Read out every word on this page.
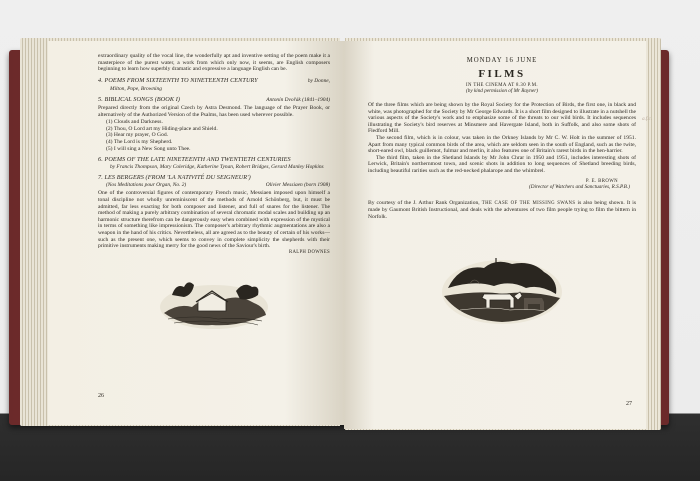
extraordinary quality of the vocal line, the wonderfully apt and inventive setting of the poem make it a masterpiece of the purest water, a work from which only now, it seems, are English composers beginning to learn how superbly dramatic and expressive a language English can be.

4. POEMS FROM SIXTEENTH TO NINETEENTH CENTURY	by Donne,

Milton, Pope, Browning

5. BIBLICAL SONGS (BOOK I)	Antonín Dvořák (1841–1904)

Prepared directly from the original Czech by Astra Desmond. The language of the Prayer Book, or alternatively of the Authorized Version of the Psalms, has been used wherever possible.

(1) Clouds and Darkness.
(2) Thou, O Lord art my Hiding-place and Shield.
(3) Hear my prayer, O God.
(4) The Lord is my Shepherd.
(5) I will sing a New Song unto Thee.
6. POEMS OF THE LATE NINETEENTH AND TWENTIETH CENTURIES

by Francis Thompson, Mary Coleridge, Katherine Tynan, Robert Bridges, Gerard Manley Hopkins

7. LES BERGERS (FROM 'LA NATIVITÉ DU SEIGNEUR')
(Nos Meditations pour Organ, No. 2)	Olivier Messiaen (born 1908)

One of the controversial figures of contemporary French music, Messiaen imposed upon himself a tonal discipline not wholly unreminiscent of the methods of Arnold Schönberg, but, it must be admitted, far less exacting for both composer and listener, and full of snares for the listener. The method of making a purely arbitrary combination of several chromatic modal scales and building up an harmonic structure therefrom can be dangerously easy when combined with expression of the mystical in terms of something like impressionism. The composer's arbitrary rhythmic augmentations are also a weapon in the hand of his critics. Nevertheless, all are agreed as to the beauty of certain of his works—such as the present one, which seems to convey in complete simplicity the shepherds with their primitive instruments making merry for the good news of the Saviour's birth.

RALPH DOWNES
26
a.f.c.

MONDAY 16 JUNE

FILMS

IN THE CINEMA AT 8.30 P.M.

(by kind permission of Mr Rayner)

Of the three films which are being shown by the Royal Society for the Protection of Birds, the first one, in black and white, was photographed for the Society by Mr George Edwards. It is a short film designed to illustrate in a nutshell the various aspects of the Society's work and to emphasize some of the threats to our wild birds. It includes sequences illustrating the Society's bird reserves at Minsmere and Havergate Island, both in Suffolk, and also some shots of Fledford Mill.

The second film, which is in colour, was taken in the Orkney Islands by Mr C. W. Holt in the summer of 1951. Apart from many typical common birds of the area, which are seldom seen in the south of England, such as the twite, short-eared owl, black guillemot, fulmar and merlin, it also features one of Britain's rarest birds in the hen-harrier.

The third film, taken in the Shetland Islands by Mr John Chrar in 1950 and 1951, includes interesting shots of Lerwick, Britain's northernmost town, and scenic shots in addition to long sequences of Shetland breeding birds, including beautiful rarities such as the red-necked phalarope and the whimbrel.

P. E. BROWN

(Director of Watchers and Sanctuaries, R.S.P.B.)

By courtesy of the J. Arthur Rank Organization, THE CASE OF THE MISSING SWANS is also being shown. It is made by Gaumont British Instructional, and deals with the adventures of two film people trying to film the bittern in Norfolk.

27
